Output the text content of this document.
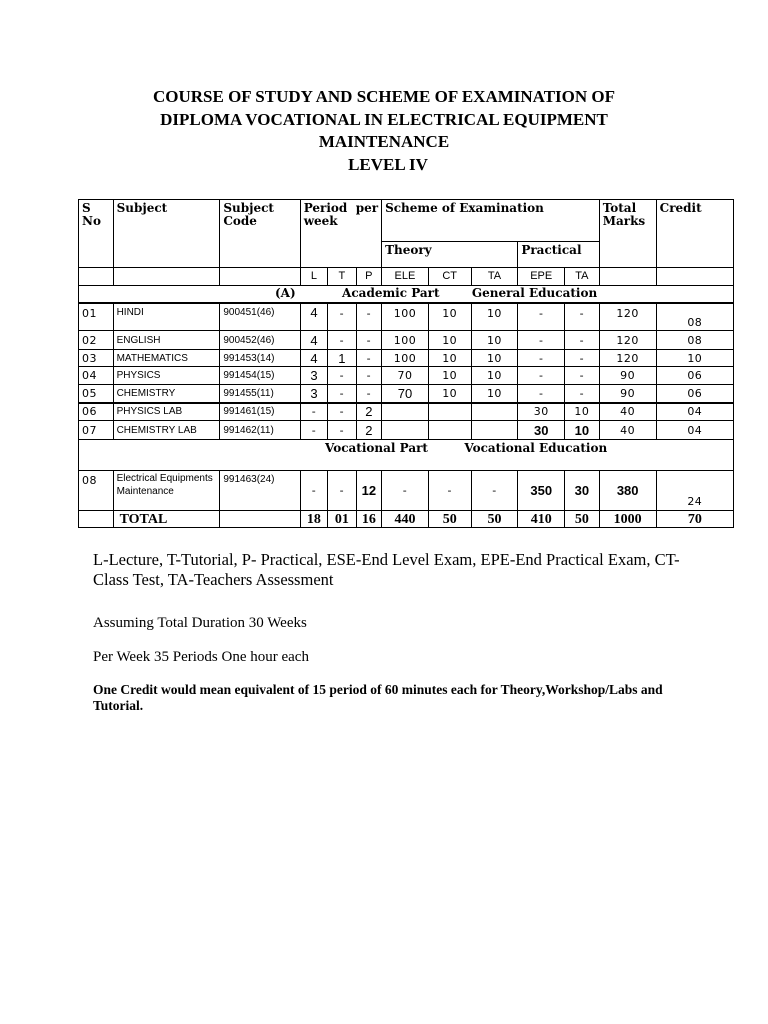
COURSE OF STUDY AND SCHEME OF EXAMINATION OF
DIPLOMA VOCATIONAL IN ELECTRICAL EQUIPMENT
MAINTENANCE
LEVEL IV
S No	Subject	Subject Code	Period per week			Scheme of Examination					Total Marks	Credit
						Theory			Practical			
			L	T	P	ELE	CT	TA	EPE	TA		
(A) Academic Part General Education												
01	HINDI	900451(46)	4	-	-	100	10	10	-	-	120	08
02	ENGLISH	900452(46)	4	-	-	100	10	10	-	-	120	08
03	MATHEMATICS	991453(14)	4	1	-	100	10	10	-	-	120	10
04	PHYSICS	991454(15)	3	-	-	70	10	10	-	-	90	06
05	CHEMISTRY	991455(11)	3	-	-	70	10	10	-	-	90	06
06	PHYSICS LAB	991461(15)	-	-	2				30	10	40	04
07	CHEMISTRY LAB	991462(11)	-	-	2				30	10	40	04
Vocational Part Vocational Education												
08	Electrical Equipments Maintenance	991463(24)	-	-	12	-	-	-	350	30	380	24
	TOTAL		18	01	16	440	50	50	410	50	1000	70
L-Lecture, T-Tutorial, P- Practical, ESE-End Level Exam, EPE-End Practical Exam, CT-Class Test, TA-Teachers Assessment
Assuming Total Duration 30 Weeks
Per Week 35 Periods One hour each
One Credit would mean equivalent of 15 period of 60 minutes each for Theory,Workshop/Labs and Tutorial.
